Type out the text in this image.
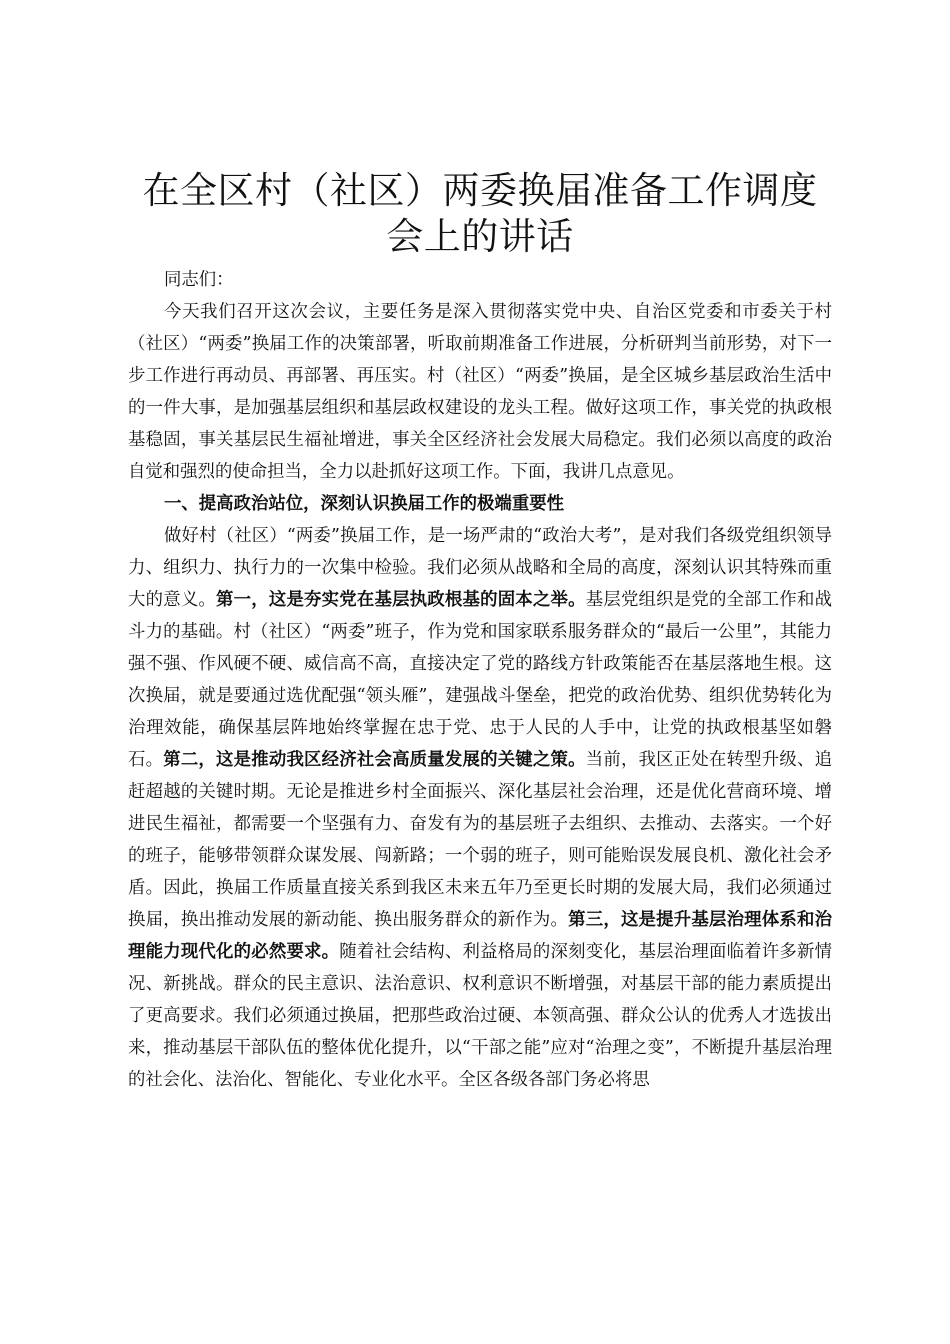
在全区村（社区）两委换届准备工作调度会上的讲话

同志们：

今天我们召开这次会议，主要任务是深入贯彻落实党中央、自治区党委和市委关于村（社区）“两委”换届工作的决策部署，听取前期准备工作进展，分析研判当前形势，对下一步工作进行再动员、再部署、再压实。村（社区）“两委”换届，是全区城乡基层政治生活中的一件大事，是加强基层组织和基层政权建设的龙头工程。做好这项工作，事关党的执政根基稳固，事关基层民生福祉增进，事关全区经济社会发展大局稳定。我们必须以高度的政治自觉和强烈的使命担当，全力以赴抓好这项工作。下面，我讲几点意见。

一、提高政治站位，深刻认识换届工作的极端重要性

做好村（社区）“两委”换届工作，是一场严肃的“政治大考”，是对我们各级党组织领导力、组织力、执行力的一次集中检验。我们必须从战略和全局的高度，深刻认识其特殊而重大的意义。第一，这是夯实党在基层执政根基的固本之举。基层党组织是党的全部工作和战斗力的基础。村（社区）“两委”班子，作为党和国家联系服务群众的“最后一公里”，其能力强不强、作风硬不硬、威信高不高，直接决定了党的路线方针政策能否在基层落地生根。这次换届，就是要通过选优配强“领头雁”，建强战斗堡垒，把党的政治优势、组织优势转化为治理效能，确保基层阵地始终掌握在忠于党、忠于人民的人手中，让党的执政根基坚如磐石。第二，这是推动我区经济社会高质量发展的关键之策。当前，我区正处在转型升级、追赶超越的关键时期。无论是推进乡村全面振兴、深化基层社会治理，还是优化营商环境、增进民生福祉，都需要一个坚强有力、奋发有为的基层班子去组织、去推动、去落实。一个好的班子，能够带领群众谋发展、闯新路；一个弱的班子，则可能贻误发展良机、激化社会矛盾。因此，换届工作质量直接关系到我区未来五年乃至更长时期的发展大局，我们必须通过换届，换出推动发展的新动能、换出服务群众的新作为。第三，这是提升基层治理体系和治理能力现代化的必然要求。随着社会结构、利益格局的深刻变化，基层治理面临着许多新情况、新挑战。群众的民主意识、法治意识、权利意识不断增强，对基层干部的能力素质提出了更高要求。我们必须通过换届，把那些政治过硬、本领高强、群众公认的优秀人才选拔出来，推动基层干部队伍的整体优化提升，以“干部之能”应对“治理之变”，不断提升基层治理的社会化、法治化、智能化、专业化水平。全区各级各部门务必将思
